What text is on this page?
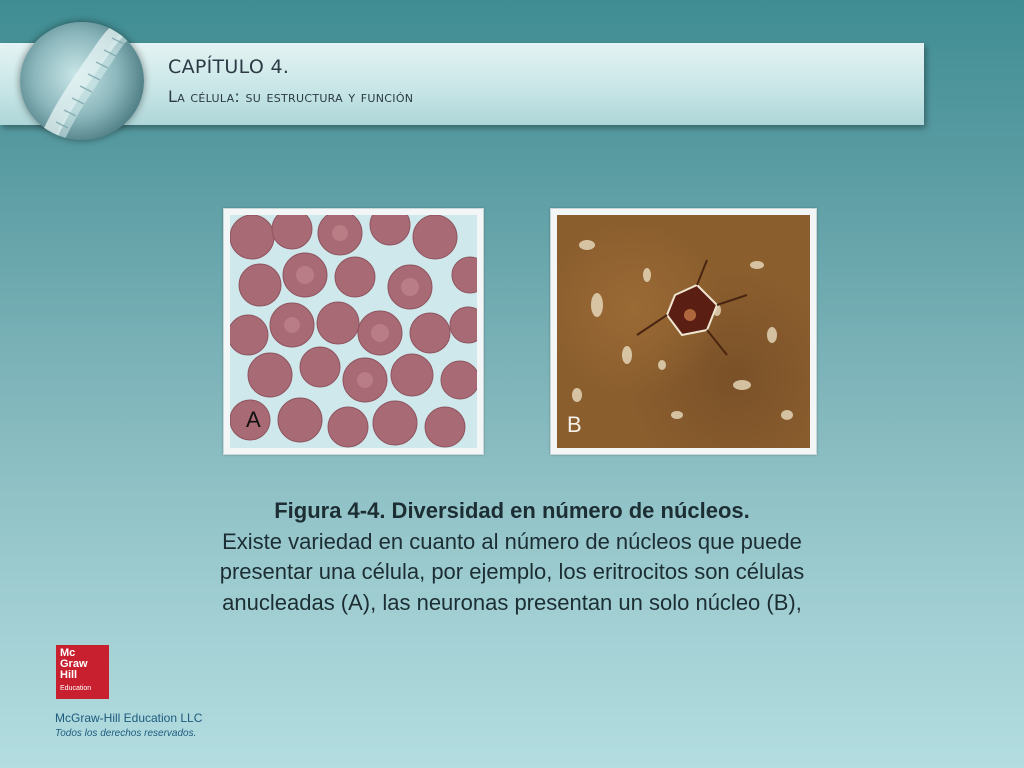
CAPÍTULO 4.

La célula: su estructura y función

A	B

Figura 4-4. Diversidad en número de núcleos.
Existe variedad en cuanto al número de núcleos que puede presentar una célula, por ejemplo, los eritrocitos son células anucleadas (A), las neuronas presentan un solo núcleo (B),

Mc
Graw
Hill
Education

McGraw-Hill Education LLC

Todos los derechos reservados.
